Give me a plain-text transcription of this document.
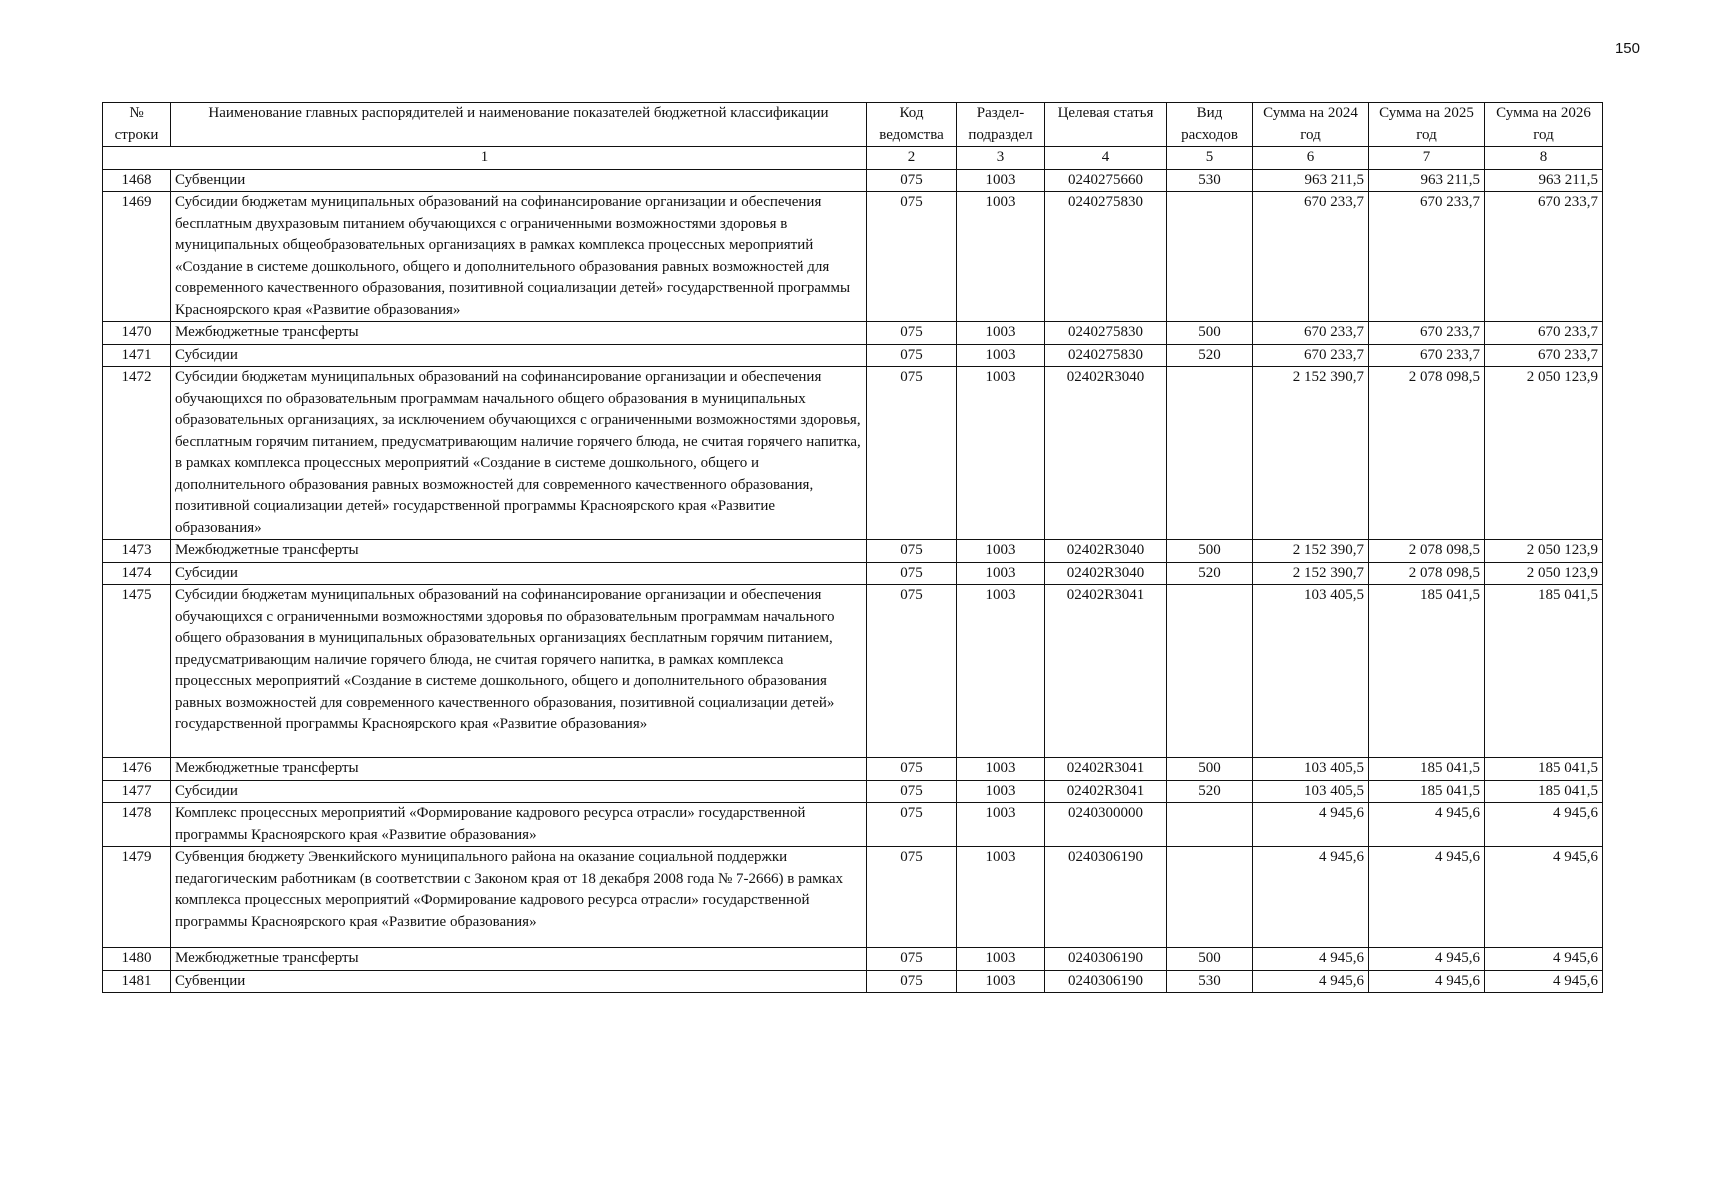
150
№ строки	Наименование главных распорядителей и наименование показателей бюджетной классификации	Код ведомства	Раздел-подраздел	Целевая статья	Вид расходов	Сумма на 2024 год	Сумма на 2025 год	Сумма на 2026 год
1		2	3	4	5	6	7	8
1468	Субвенции	075	1003	0240275660	530	963 211,5	963 211,5	963 211,5
1469	Субсидии бюджетам муниципальных образований на софинансирование организации и обеспечения бесплатным двухразовым питанием обучающихся с ограниченными возможностями здоровья в муниципальных общеобразовательных организациях в рамках комплекса процессных мероприятий «Создание в системе дошкольного, общего и дополнительного образования равных возможностей для современного качественного образования, позитивной социализации детей» государственной программы Красноярского края «Развитие образования»	075	1003	0240275830		670 233,7	670 233,7	670 233,7
1470	Межбюджетные трансферты	075	1003	0240275830	500	670 233,7	670 233,7	670 233,7
1471	Субсидии	075	1003	0240275830	520	670 233,7	670 233,7	670 233,7
1472	Субсидии бюджетам муниципальных образований на софинансирование организации и обеспечения обучающихся по образовательным программам начального общего образования в муниципальных образовательных организациях, за исключением обучающихся с ограниченными возможностями здоровья, бесплатным горячим питанием, предусматривающим наличие горячего блюда, не считая горячего напитка, в рамках комплекса процессных мероприятий «Создание в системе дошкольного, общего и дополнительного образования равных возможностей для современного качественного образования, позитивной социализации детей» государственной программы Красноярского края «Развитие образования»	075	1003	02402R3040		2 152 390,7	2 078 098,5	2 050 123,9
1473	Межбюджетные трансферты	075	1003	02402R3040	500	2 152 390,7	2 078 098,5	2 050 123,9
1474	Субсидии	075	1003	02402R3040	520	2 152 390,7	2 078 098,5	2 050 123,9
1475	Субсидии бюджетам муниципальных образований на софинансирование организации и обеспечения обучающихся с ограниченными возможностями здоровья по образовательным программам начального общего образования в муниципальных образовательных организациях бесплатным горячим питанием, предусматривающим наличие горячего блюда, не считая горячего напитка, в рамках комплекса процессных мероприятий «Создание в системе дошкольного, общего и дополнительного образования равных возможностей для современного качественного образования, позитивной социализации детей» государственной программы Красноярского края «Развитие образования»	075	1003	02402R3041		103 405,5	185 041,5	185 041,5
1476	Межбюджетные трансферты	075	1003	02402R3041	500	103 405,5	185 041,5	185 041,5
1477	Субсидии	075	1003	02402R3041	520	103 405,5	185 041,5	185 041,5
1478	Комплекс процессных мероприятий «Формирование кадрового ресурса отрасли» государственной программы Красноярского края «Развитие образования»	075	1003	0240300000		4 945,6	4 945,6	4 945,6
1479	Субвенция бюджету Эвенкийского муниципального района на оказание социальной поддержки педагогическим работникам (в соответствии с Законом края от 18 декабря 2008 года № 7-2666) в рамках комплекса процессных мероприятий «Формирование кадрового ресурса отрасли» государственной программы Красноярского края «Развитие образования»	075	1003	0240306190		4 945,6	4 945,6	4 945,6
1480	Межбюджетные трансферты	075	1003	0240306190	500	4 945,6	4 945,6	4 945,6
1481	Субвенции	075	1003	0240306190	530	4 945,6	4 945,6	4 945,6
